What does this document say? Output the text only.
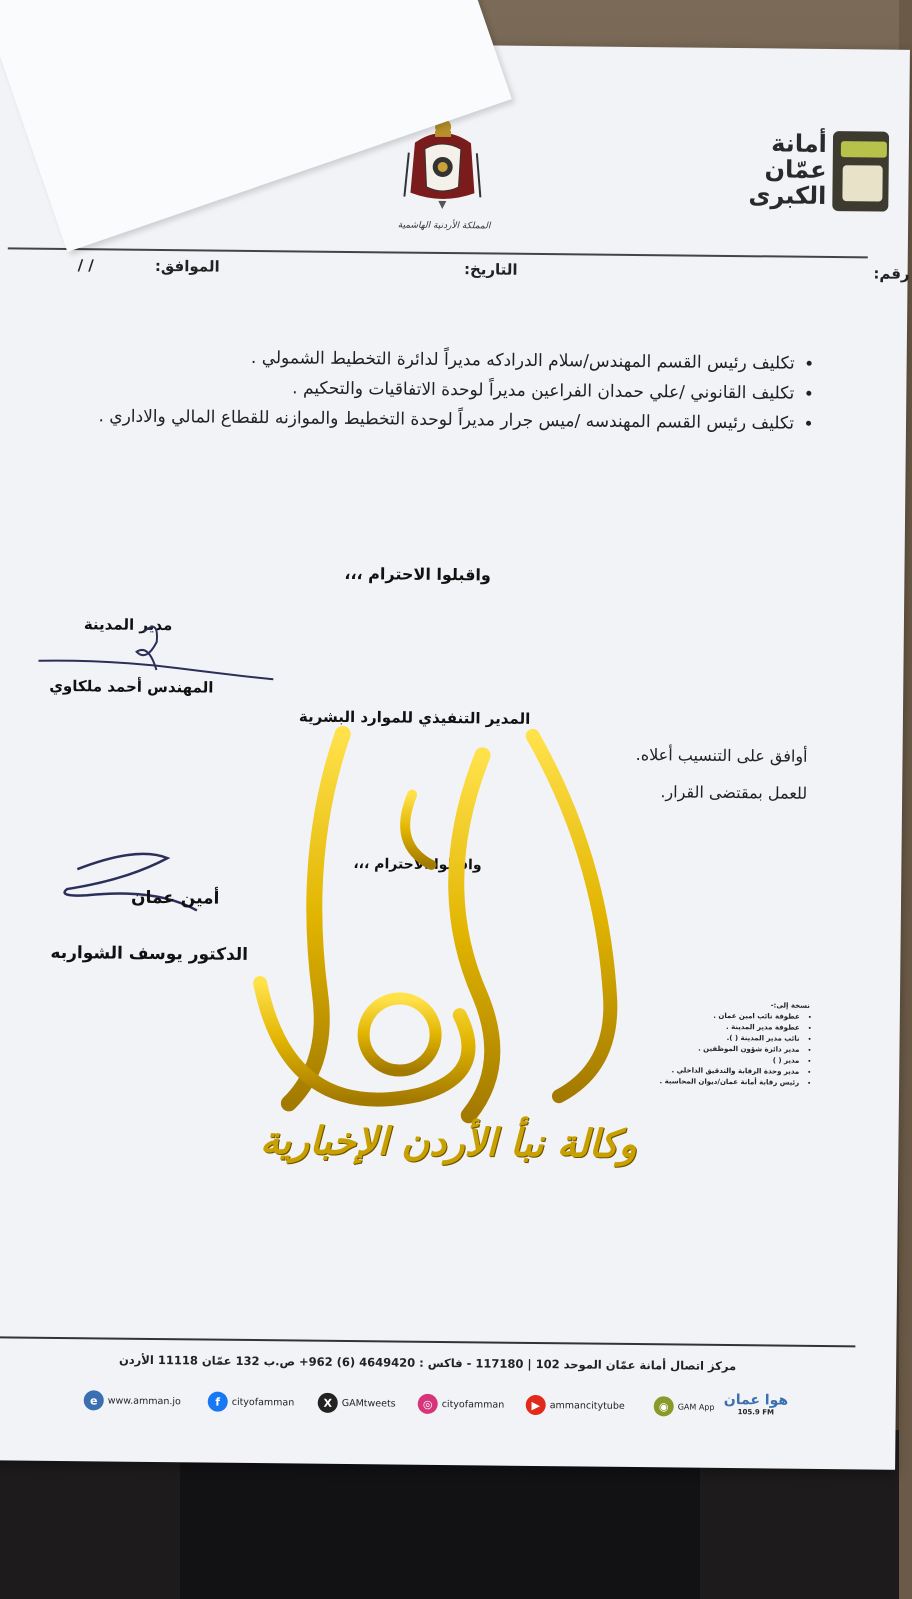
أمانة
عمّان
الكبرى
المملكة الأردنية الهاشمية
رقم:
التاريخ:
الموافق:
/ /
• تكليف رئيس القسم المهندس/سلام الدرادكه مديراً لدائرة التخطيط الشمولي .
• تكليف القانوني /علي حمدان الفراعين مديراً لوحدة الاتفاقيات والتحكيم .
• تكليف رئيس القسم المهندسه /ميس جرار مديراً لوحدة التخطيط والموازنه للقطاع المالي والاداري .
واقبلوا الاحترام ،،،
مدير المدينة
المهندس أحمد ملكاوي
المدير التنفيذي للموارد البشرية
أوافق على التنسيب أعلاه.
للعمل بمقتضى القرار.
واقبلوا الاحترام ،،،
أمين عمان
الدكتور يوسف الشواربه
نسخة إلى:-
• عطوفة نائب امين عمان .
• عطوفة مدير المدينة .
• نائب مدير المدينة ( ).
• مدير دائرة شؤون الموظفين .
• مدير ( )
• مدير وحدة الرقابة والتدقيق الداخلي .
• رئيس رقابة أمانة عمان/ديوان المحاسبة .
وكالة نبأ الأردن الإخبارية
مركز اتصال أمانة عمّان الموحد 102 | 117180 - فاكس : 4649420 (6) 962+ ص.ب 132 عمّان 11118 الأردن
e	www.amman.jo	f	cityofamman	X	GAMtweets	◎ cityofamman	▶	ammancitytube	◉	GAM App هوا عمان
105.9 FM
